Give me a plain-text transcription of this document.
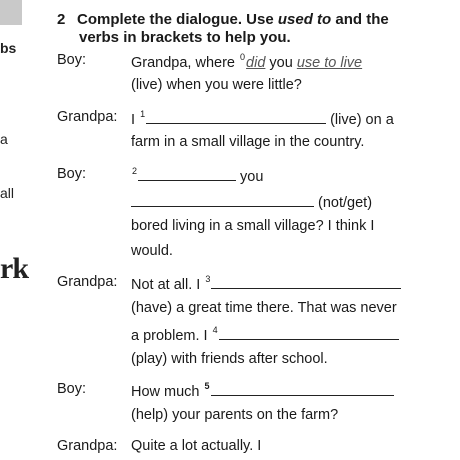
bs
a
all
rk
2 Complete the dialogue. Use used to and the
verbs in brackets to help you.
Boy:	Grandpa, where $^0$did you use to live
(live) when you were little?
Grandpa: I $^1$	(live) on a
farm in a small village in the country.
Boy:	$^2$	you
(not/get)
bored living in a small village? I think I
would.
Grandpa: Not at all. I $^3$
(have) a great time there. That was never
a problem. I $^4$
(play) with friends after school.
Boy:	How much $^5$
(help) your parents on the farm?
Grandpa: Quite a lot actually. I
